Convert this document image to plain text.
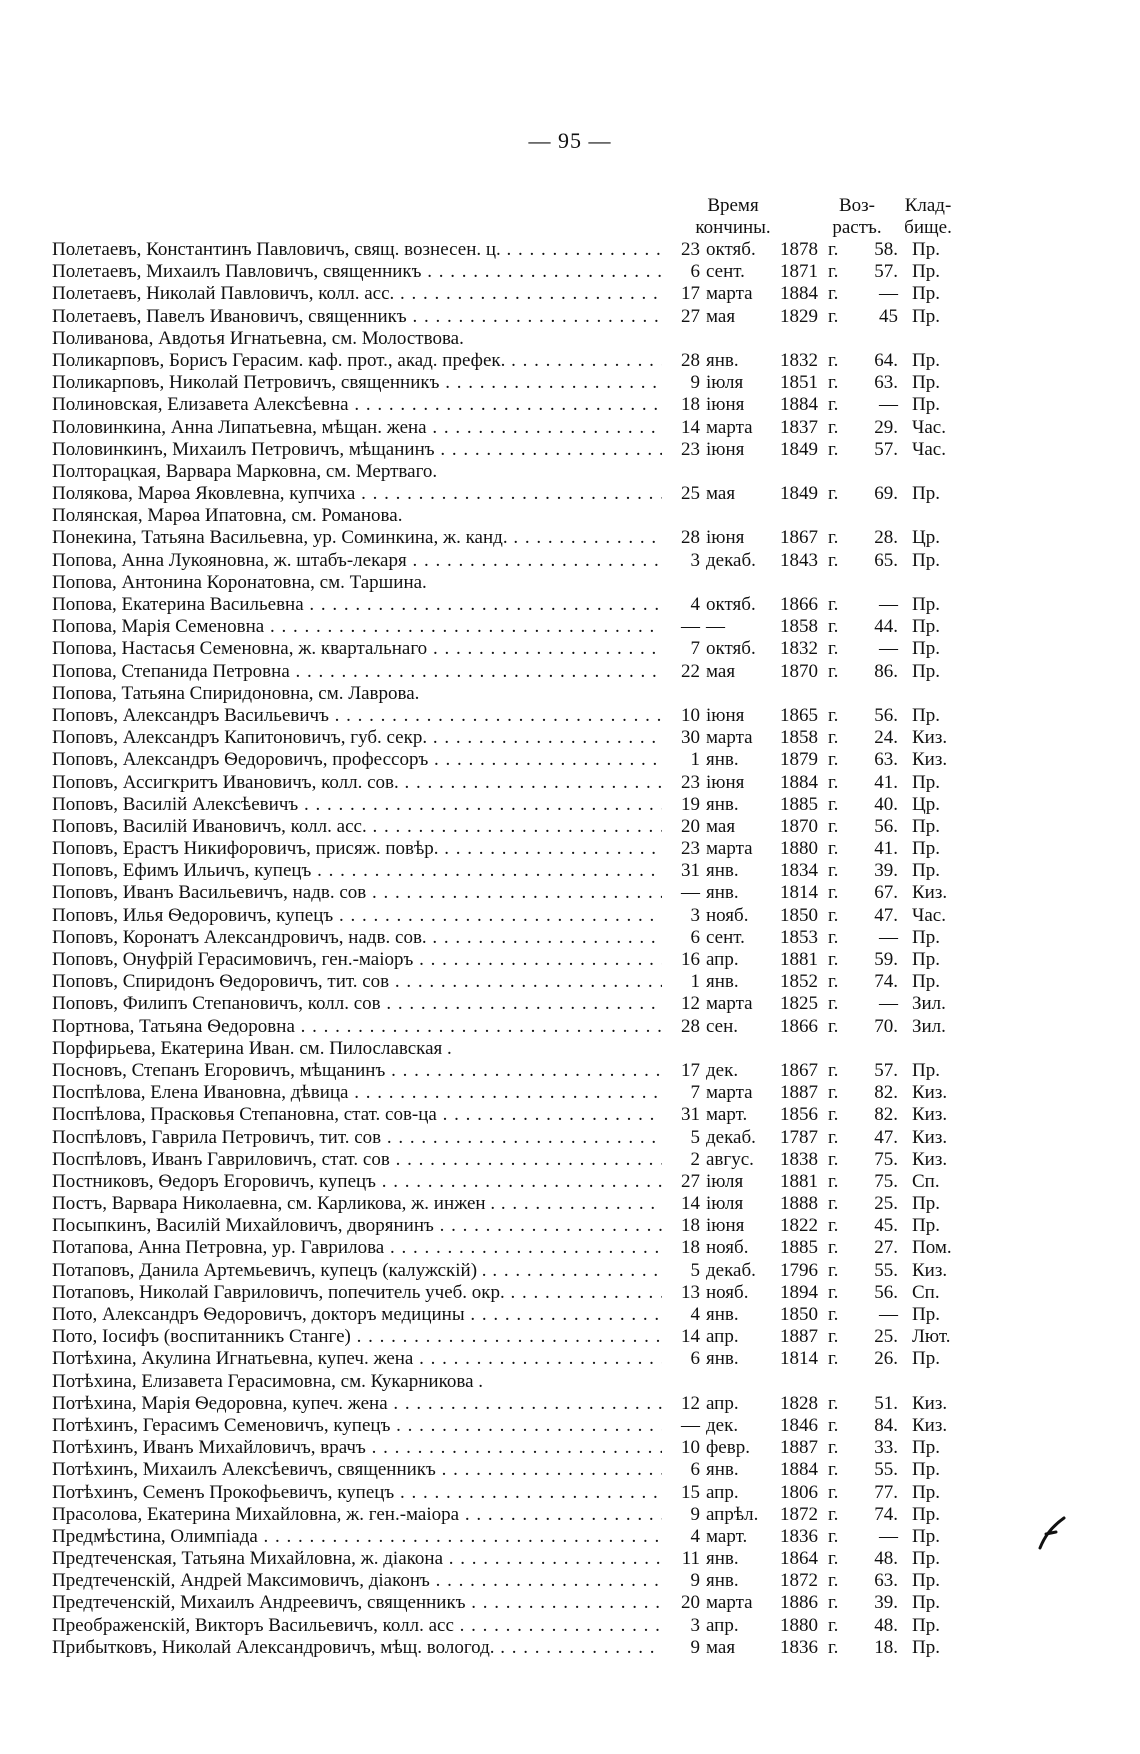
— 95 —
Время
кончины.
Воз-
растъ.
Клад-
бище.
Полетаевъ, Константинъ Павловичъ, свящ. вознесен. ц. . . .	23 октяб.	1878 г.	58. Пр.
Полетаевъ, Михаилъ Павловичъ, священникъ . . .	6 сент.	1871 г.	57. Пр.
Полетаевъ, Николай Павловичъ, колл. асс. . . .	17 марта	1884 г.	— Пр.
Полетаевъ, Павелъ Ивановичъ, священникъ . . .	27 мая	1829 г.	45 Пр.
Поливанова, Авдотья Игнатьевна, см. Молоствова.
Поликарповъ, Борисъ Герасим. каф. прот., акад. префек. . . .	28 янв.	1832 г.	64. Пр.
Поликарповъ, Николай Петровичъ, священникъ . . .	9 іюля	1851 г.	63. Пр.
Полиновская, Елизавета Алексѣевна . . .	18 іюня	1884 г.	— Пр.
Половинкина, Анна Липатьевна, мѣщан. жена . . .	14 марта	1837 г.	29. Час.
Половинкинъ, Михаилъ Петровичъ, мѣщанинъ . . .	23 іюня	1849 г.	57. Час.
Полторацкая, Варвара Марковна, см. Мертваго.
Полякова, Марѳа Яковлевна, купчиха . . .	25 мая	1849 г.	69. Пр.
Полянская, Марѳа Ипатовна, см. Романова.
Понекина, Татьяна Васильевна, ур. Соминкина, ж. канд. . . .	28 іюня	1867 г.	28. Цр.
Попова, Анна Лукояновна, ж. штабъ-лекаря . . .	3 декаб.	1843 г.	65. Пр.
Попова, Антонина Коронатовна, см. Таршина.
Попова, Екатерина Васильевна . . .	4 октяб.	1866 г.	— Пр.
Попова, Марія Семеновна . . .	— —	1858 г.	44. Пр.
Попова, Настасья Семеновна, ж. квартальнаго . . .	7 октяб.	1832 г.	— Пр.
Попова, Степанида Петровна . . .	22 мая	1870 г.	86. Пр.
Попова, Татьяна Спиридоновна, см. Лаврова.
Поповъ, Александръ Васильевичъ . . .	10 іюня	1865 г.	56. Пр.
Поповъ, Александръ Капитоновичъ, губ. секр. . . .	30 марта	1858 г.	24. Киз.
Поповъ, Александръ Ѳедоровичъ, профессоръ . . .	1 янв.	1879 г.	63. Киз.
Поповъ, Ассигкритъ Ивановичъ, колл. сов. . . .	23 іюня	1884 г.	41. Пр.
Поповъ, Василій Алексѣевичъ . . .	19 янв.	1885 г.	40. Цр.
Поповъ, Василій Ивановичъ, колл. асс. . . .	20 мая	1870 г.	56. Пр.
Поповъ, Ерастъ Никифоровичъ, присяж. повѣр. . . .	23 марта	1880 г.	41. Пр.
Поповъ, Ефимъ Ильичъ, купецъ . . .	31 янв.	1834 г.	39. Пр.
Поповъ, Иванъ Васильевичъ, надв. сов . . .	— янв.	1814 г.	67. Киз.
Поповъ, Илья Ѳедоровичъ, купецъ . . .	3 нояб.	1850 г.	47. Час.
Поповъ, Коронатъ Александровичъ, надв. сов. . . .	6 сент.	1853 г.	— Пр.
Поповъ, Онуфрій Герасимовичъ, ген.-маіоръ . . .	16 апр.	1881 г.	59. Пр.
Поповъ, Спиридонъ Ѳедоровичъ, тит. сов . . .	1 янв.	1852 г.	74. Пр.
Поповъ, Филипъ Степановичъ, колл. сов . . .	12 марта	1825 г.	— Зил.
Портнова, Татьяна Ѳедоровна . . .	28 сен.	1866 г.	70. Зил.
Порфирьева, Екатерина Иван. см. Пилославская .
Посновъ, Степанъ Егоровичъ, мѣщанинъ . . .	17 дек.	1867 г.	57. Пр.
Поспѣлова, Елена Ивановна, дѣвица . . .	7 марта	1887 г.	82. Киз.
Поспѣлова, Прасковья Степановна, стат. сов-ца . . .	31 март.	1856 г.	82. Киз.
Поспѣловъ, Гаврила Петровичъ, тит. сов . . .	5 декаб.	1787 г.	47. Киз.
Поспѣловъ, Иванъ Гавриловичъ, стат. сов . . .	2 авгус.	1838 г.	75. Киз.
Постниковъ, Ѳедоръ Егоровичъ, купецъ . . .	27 іюля	1881 г.	75. Сп.
Постъ, Варвара Николаевна, см. Карликова, ж. инжен . . . .	14 іюля	1888 г.	25. Пр.
Посыпкинъ, Василій Михайловичъ, дворянинъ . . .	18 іюня	1822 г.	45. Пр.
Потапова, Анна Петровна, ур. Гаврилова . . .	18 нояб.	1885 г.	27. Пом.
Потаповъ, Данила Артемьевичъ, купецъ (калужскій) . . . .	5 декаб.	1796 г.	55. Киз.
Потаповъ, Николай Гавриловичъ, попечитель учеб. окр. . . .	13 нояб.	1894 г.	56. Сп.
Пото, Александръ Ѳедоровичъ, докторъ медицины . . .	4 янв.	1850 г.	— Пр.
Пото, Іосифъ (воспитанникъ Станге) . . .	14 апр.	1887 г.	25. Лют.
Потѣхина, Акулина Игнатьевна, купеч. жена . . .	6 янв.	1814 г.	26. Пр.
Потѣхина, Елизавета Герасимовна, см. Кукарникова .
Потѣхина, Марія Ѳедоровна, купеч. жена . . .	12 апр.	1828 г.	51. Киз.
Потѣхинъ, Герасимъ Семеновичъ, купецъ . . .	— дек.	1846 г.	84. Киз.
Потѣхинъ, Иванъ Михайловичъ, врачъ . . .	10 февр.	1887 г.	33. Пр.
Потѣхинъ, Михаилъ Алексѣевичъ, священникъ . . .	6 янв.	1884 г.	55. Пр.
Потѣхинъ, Семенъ Прокофьевичъ, купецъ . . .	15 апр.	1806 г.	77. Пр.
Прасолова, Екатерина Михайловна, ж. ген.-маіора . . .	9 апрѣл.	1872 г.	74. Пр.
Предмѣстина, Олимпіада . . .	4 март.	1836 г.	— Пр.
Предтеченская, Татьяна Михайловна, ж. діакона . . .	11 янв.	1864 г.	48. Пр.
Предтеченскій, Андрей Максимовичъ, діаконъ . . .	9 янв.	1872 г.	63. Пр.
Предтеченскій, Михаилъ Андреевичъ, священникъ . . .	20 марта	1886 г.	39. Пр.
Преображенскій, Викторъ Васильевичъ, колл. асс . . .	3 апр.	1880 г.	48. Пр.
Прибытковъ, Николай Александровичъ, мѣщ. вологод. . . .	9 мая	1836 г.	18. Пр.
